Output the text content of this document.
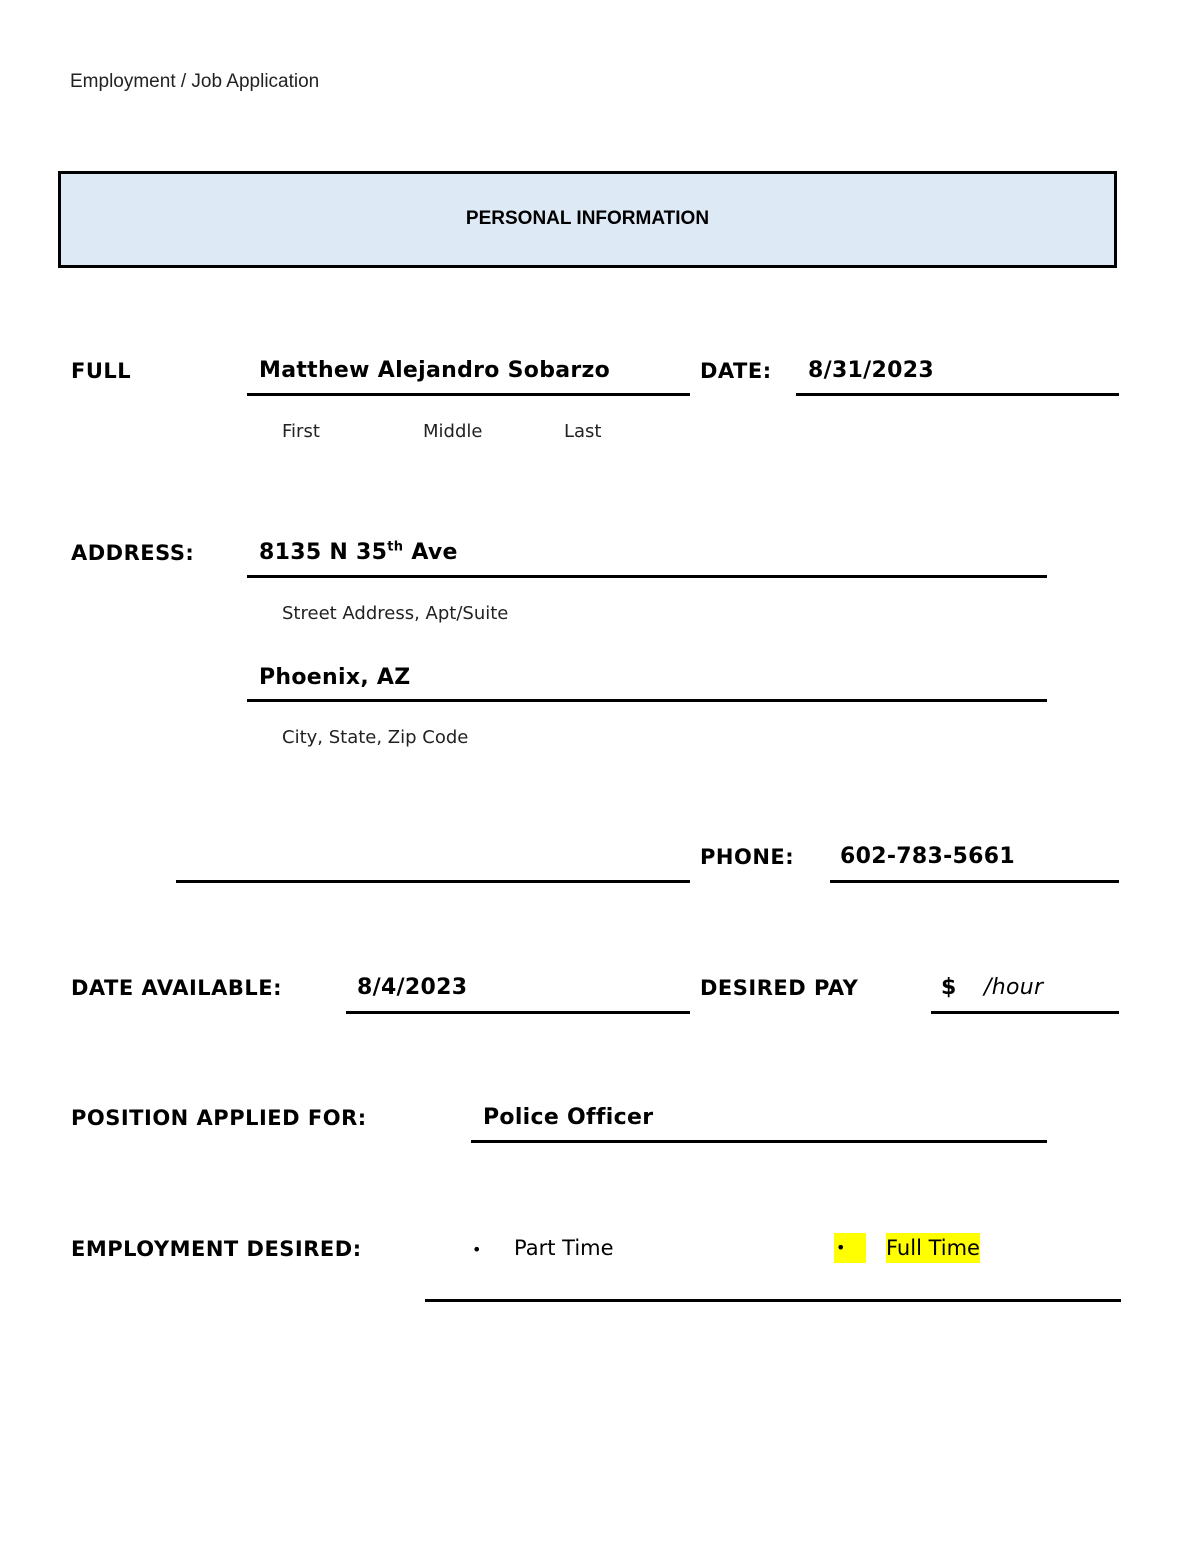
Employment / Job Application
PERSONAL INFORMATION
FULL	Matthew Alejandro Sobarzo
First	Middle	Last
DATE: 8/31/2023
ADDRESS:	8135 N 35th Ave
Street Address, Apt/Suite
Phoenix, AZ
City, State, Zip Code
PHONE: 602-783-5661
DATE AVAILABLE:	8/4/2023	DESIRED PAY	$ /hour
POSITION APPLIED FOR:	Police Officer
EMPLOYMENT DESIRED:	• Part Time	•	Full Time
